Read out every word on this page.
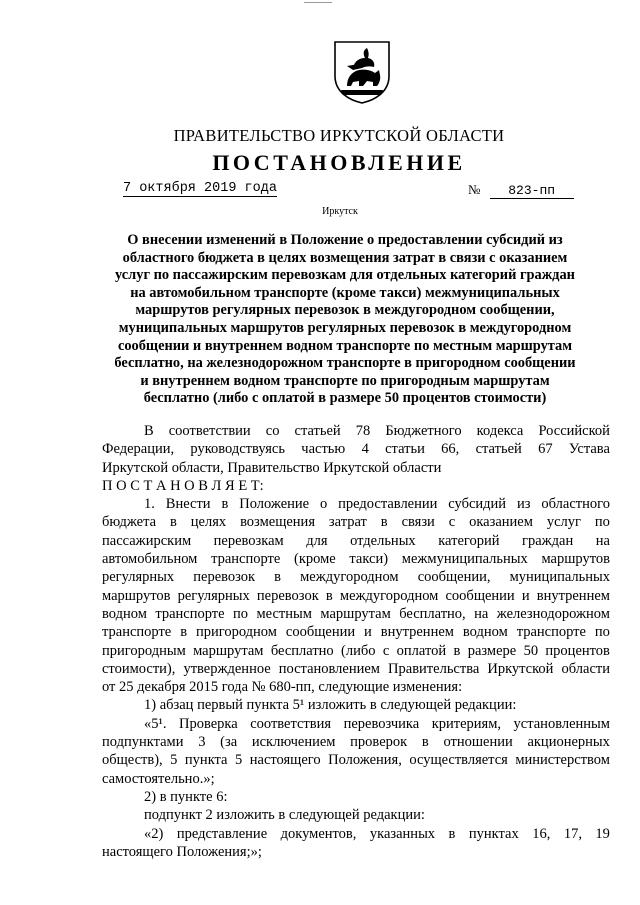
ПРАВИТЕЛЬСТВО ИРКУТСКОЙ ОБЛАСТИ
ПОСТАНОВЛЕНИЕ
7 октября 2019 года	№ 823-пп
Иркутск
О внесении изменений в Положение о предоставлении субсидий из
областного бюджета в целях возмещения затрат в связи с оказанием
услуг по пассажирским перевозкам для отдельных категорий граждан
на автомобильном транспорте (кроме такси) межмуниципальных
маршрутов регулярных перевозок в междугородном сообщении,
муниципальных маршрутов регулярных перевозок в междугородном
сообщении и внутреннем водном транспорте по местным маршрутам
бесплатно, на железнодорожном транспорте в пригородном сообщении
и внутреннем водном транспорте по пригородным маршрутам
бесплатно (либо с оплатой в размере 50 процентов стоимости)
В соответствии со статьей 78 Бюджетного кодекса Российской
Федерации, руководствуясь частью 4 статьи 66, статьей 67 Устава
Иркутской области, Правительство Иркутской области
П О С Т А Н О В Л Я Е Т:
1. Внести в Положение о предоставлении субсидий из областного
бюджета в целях возмещения затрат в связи с оказанием услуг по
пассажирским перевозкам для отдельных категорий граждан на
автомобильном транспорте (кроме такси) межмуниципальных маршрутов
регулярных перевозок в междугородном сообщении, муниципальных
маршрутов регулярных перевозок в междугородном сообщении и внутреннем
водном транспорте по местным маршрутам бесплатно, на железнодорожном
транспорте в пригородном сообщении и внутреннем водном транспорте по
пригородным маршрутам бесплатно (либо с оплатой в размере 50 процентов
стоимости), утвержденное постановлением Правительства Иркутской области
от 25 декабря 2015 года № 680-пп, следующие изменения:
1) абзац первый пункта 5¹ изложить в следующей редакции:
«5¹. Проверка соответствия перевозчика критериям, установленным
подпунктами 3 (за исключением проверок в отношении акционерных
обществ), 5 пункта 5 настоящего Положения, осуществляется министерством
самостоятельно.»;
2) в пункте 6:
подпункт 2 изложить в следующей редакции:
«2) представление документов, указанных в пунктах 16, 17, 19
настоящего Положения;»;
